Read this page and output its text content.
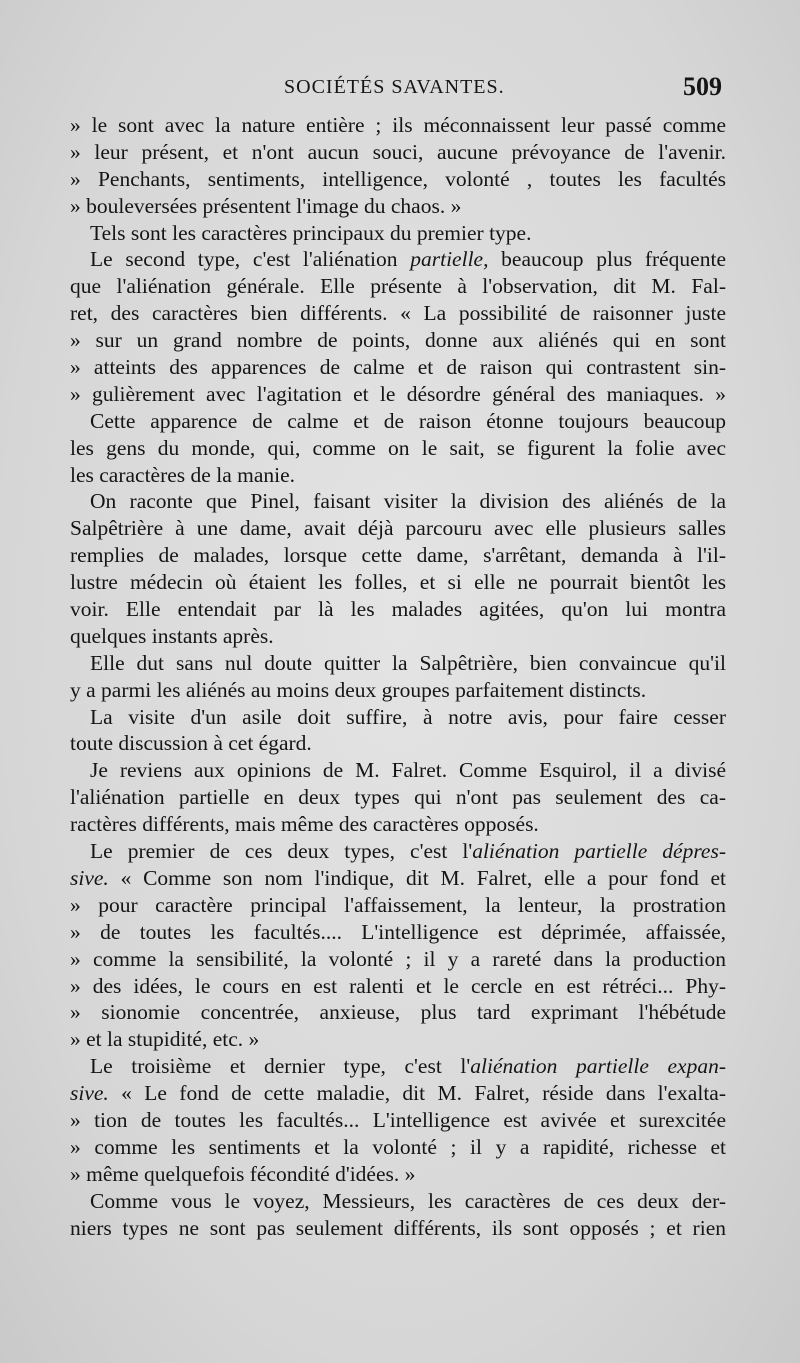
SOCIÉTÉS SAVANTES.	509
» le sont avec la nature entière ; ils méconnaissent leur passé comme
» leur présent, et n'ont aucun souci, aucune prévoyance de l'avenir.
» Penchants, sentiments, intelligence, volonté , toutes les facultés
» bouleversées présentent l'image du chaos. »
Tels sont les caractères principaux du premier type.
Le second type, c'est l'aliénation partielle, beaucoup plus fréquente
que l'aliénation générale. Elle présente à l'observation, dit M. Fal-
ret, des caractères bien différents. « La possibilité de raisonner juste
» sur un grand nombre de points, donne aux aliénés qui en sont
» atteints des apparences de calme et de raison qui contrastent sin-
» gulièrement avec l'agitation et le désordre général des maniaques. »
Cette apparence de calme et de raison étonne toujours beaucoup
les gens du monde, qui, comme on le sait, se figurent la folie avec
les caractères de la manie.
On raconte que Pinel, faisant visiter la division des aliénés de la
Salpêtrière à une dame, avait déjà parcouru avec elle plusieurs salles
remplies de malades, lorsque cette dame, s'arrêtant, demanda à l'il-
lustre médecin où étaient les folles, et si elle ne pourrait bientôt les
voir. Elle entendait par là les malades agitées, qu'on lui montra
quelques instants après.
Elle dut sans nul doute quitter la Salpêtrière, bien convaincue qu'il
y a parmi les aliénés au moins deux groupes parfaitement distincts.
La visite d'un asile doit suffire, à notre avis, pour faire cesser
toute discussion à cet égard.
Je reviens aux opinions de M. Falret. Comme Esquirol, il a divisé
l'aliénation partielle en deux types qui n'ont pas seulement des ca-
ractères différents, mais même des caractères opposés.
Le premier de ces deux types, c'est l'aliénation partielle dépres-
sive. « Comme son nom l'indique, dit M. Falret, elle a pour fond et
» pour caractère principal l'affaissement, la lenteur, la prostration
» de toutes les facultés.... L'intelligence est déprimée, affaissée,
» comme la sensibilité, la volonté ; il y a rareté dans la production
» des idées, le cours en est ralenti et le cercle en est rétréci... Phy-
» sionomie concentrée, anxieuse, plus tard exprimant l'hébétude
» et la stupidité, etc. »
Le troisième et dernier type, c'est l'aliénation partielle expan-
sive. « Le fond de cette maladie, dit M. Falret, réside dans l'exalta-
» tion de toutes les facultés... L'intelligence est avivée et surexcitée
» comme les sentiments et la volonté ; il y a rapidité, richesse et
» même quelquefois fécondité d'idées. »
Comme vous le voyez, Messieurs, les caractères de ces deux der-
niers types ne sont pas seulement différents, ils sont opposés ; et rien
